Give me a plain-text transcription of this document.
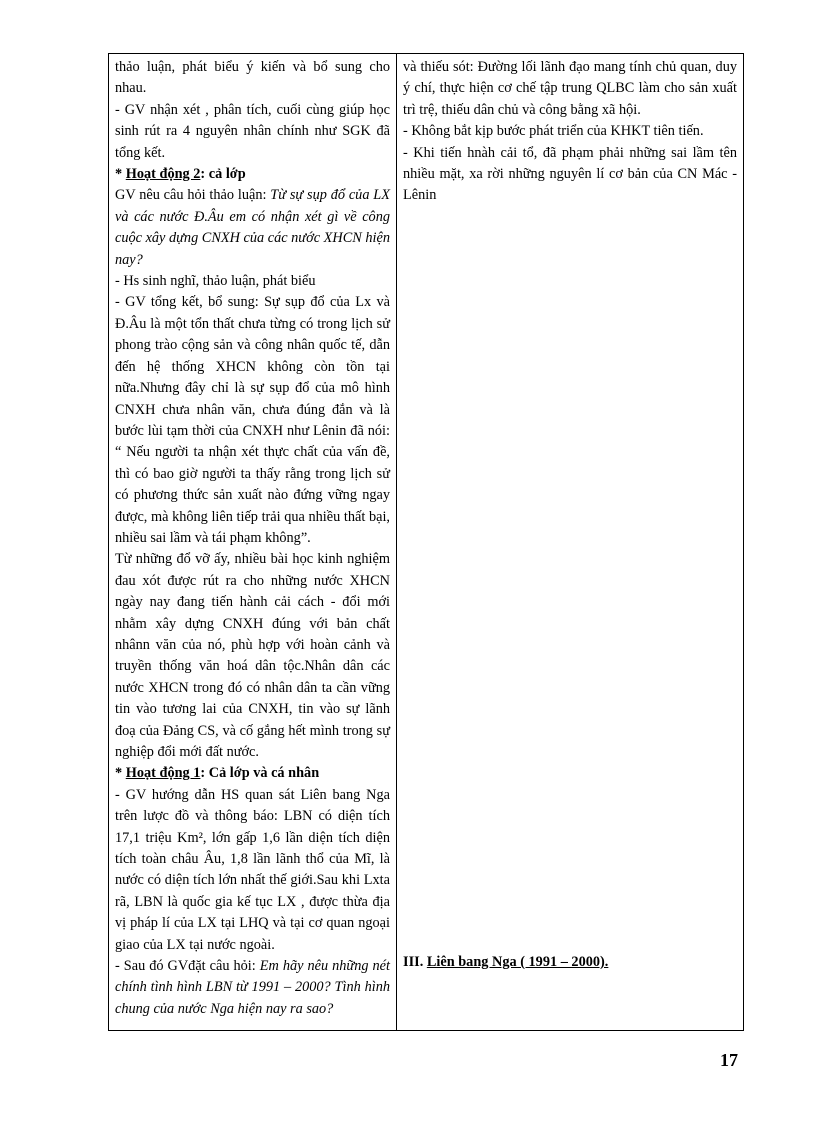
thảo luận, phát biểu ý kiến và bổ sung cho nhau.

- GV nhận xét , phân tích, cuối cùng giúp học sinh rút ra 4 nguyên nhân chính như SGK đã tổng kết.

* Hoạt động 2: cả lớp

GV nêu câu hỏi thảo luận: Từ sự sụp đổ của LX và các nước Đ.Âu em có nhận xét gì về công cuộc xây dựng CNXH của các nước XHCN hiện nay?

- Hs sinh nghĩ, thảo luận, phát biểu

- GV tổng kết, bổ sung: Sự sụp đổ của Lx và Đ.Âu là một tổn thất chưa từng có trong lịch sử phong trào cộng sản và công nhân quốc tế, dẫn đến hệ thống XHCN không còn tồn tại nữa.Nhưng đây chỉ là sự sụp đổ của mô hình CNXH chưa nhân văn, chưa đúng đắn và là bước lùi tạm thời của CNXH như Lênin đã nói: “ Nếu người ta nhận xét thực chất của vấn đề, thì có bao giờ người ta thấy rằng trong lịch sử có phương thức sản xuất nào đứng vững ngay được, mà không liên tiếp trải qua nhiều thất bại, nhiều sai lầm và tái phạm không”.

Từ những đổ vỡ ấy, nhiều bài học kinh nghiệm đau xót được rút ra cho những nước XHCN ngày nay đang tiến hành cải cách - đổi mới nhằm xây dựng CNXH đúng với bản chất nhânn văn của nó, phù hợp với hoàn cảnh và truyền thống văn hoá dân tộc.Nhân dân các nước XHCN trong đó có nhân dân ta cần vững tin vào tương lai của CNXH, tin vào sự lãnh đoạ của Đảng CS, và cố gắng hết mình trong sự nghiệp đổi mới đất nước.

* Hoạt động 1: Cả lớp và cá nhân

- GV hướng dẫn HS quan sát Liên bang Nga trên lược đồ và thông báo: LBN có diện tích 17,1 triệu Km², lớn gấp 1,6 lần diện tích diện tích toàn châu Âu, 1,8 lần lãnh thổ của Mĩ, là nước có diện tích lớn nhất thế giới.Sau khi Lxta rã, LBN là quốc gia kế tục LX , được thừa địa vị pháp lí của LX tại LHQ và tại cơ quan ngoại giao của LX tại nước ngoài.

- Sau đó GVđặt câu hỏi: Em hãy nêu những nét chính tình hình LBN từ 1991 – 2000? Tình hình chung của nước Nga hiện nay ra sao?

và thiếu sót: Đường lối lãnh đạo mang tính chủ quan, duy ý chí, thực hiện cơ chế tập trung QLBC làm cho sản xuất trì trệ, thiếu dân chủ và công bằng xã hội.

- Không bắt kịp bước phát triển của KHKT tiên tiến.

- Khi tiến hnàh cải tổ, đã phạm phải những sai lầm tên nhiều mặt, xa rời những nguyên lí cơ bản của CN Mác - Lênin

III. Liên bang Nga ( 1991 – 2000).

17
